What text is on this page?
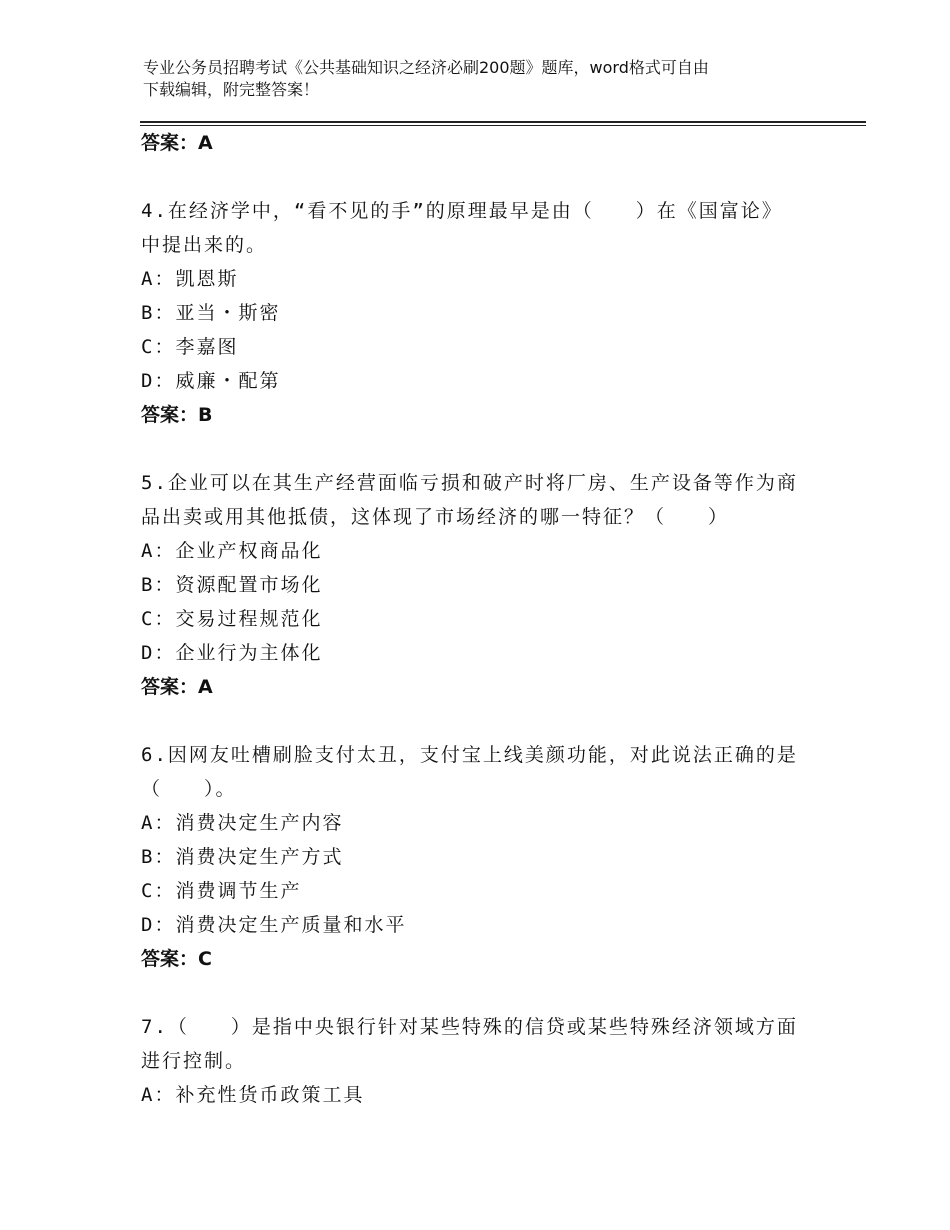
专业公务员招聘考试《公共基础知识之经济必刷200题》题库，word格式可自由
下载编辑，附完整答案！
答案：A
4.在经济学中，“看不见的手”的原理最早是由（　　）在《国富论》中提出来的。
A：凯恩斯
B：亚当・斯密
C：李嘉图
D：威廉・配第
答案：B
5.企业可以在其生产经营面临亏损和破产时将厂房、生产设备等作为商品出卖或用其他抵债，这体现了市场经济的哪一特征？（　　）
A：企业产权商品化
B：资源配置市场化
C：交易过程规范化
D：企业行为主体化
答案：A
6.因网友吐槽刷脸支付太丑，支付宝上线美颜功能，对此说法正确的是（　　）。
A：消费决定生产内容
B：消费决定生产方式
C：消费调节生产
D：消费决定生产质量和水平
答案：C
7.（　　）是指中央银行针对某些特殊的信贷或某些特殊经济领域方面进行控制。
A：补充性货币政策工具
